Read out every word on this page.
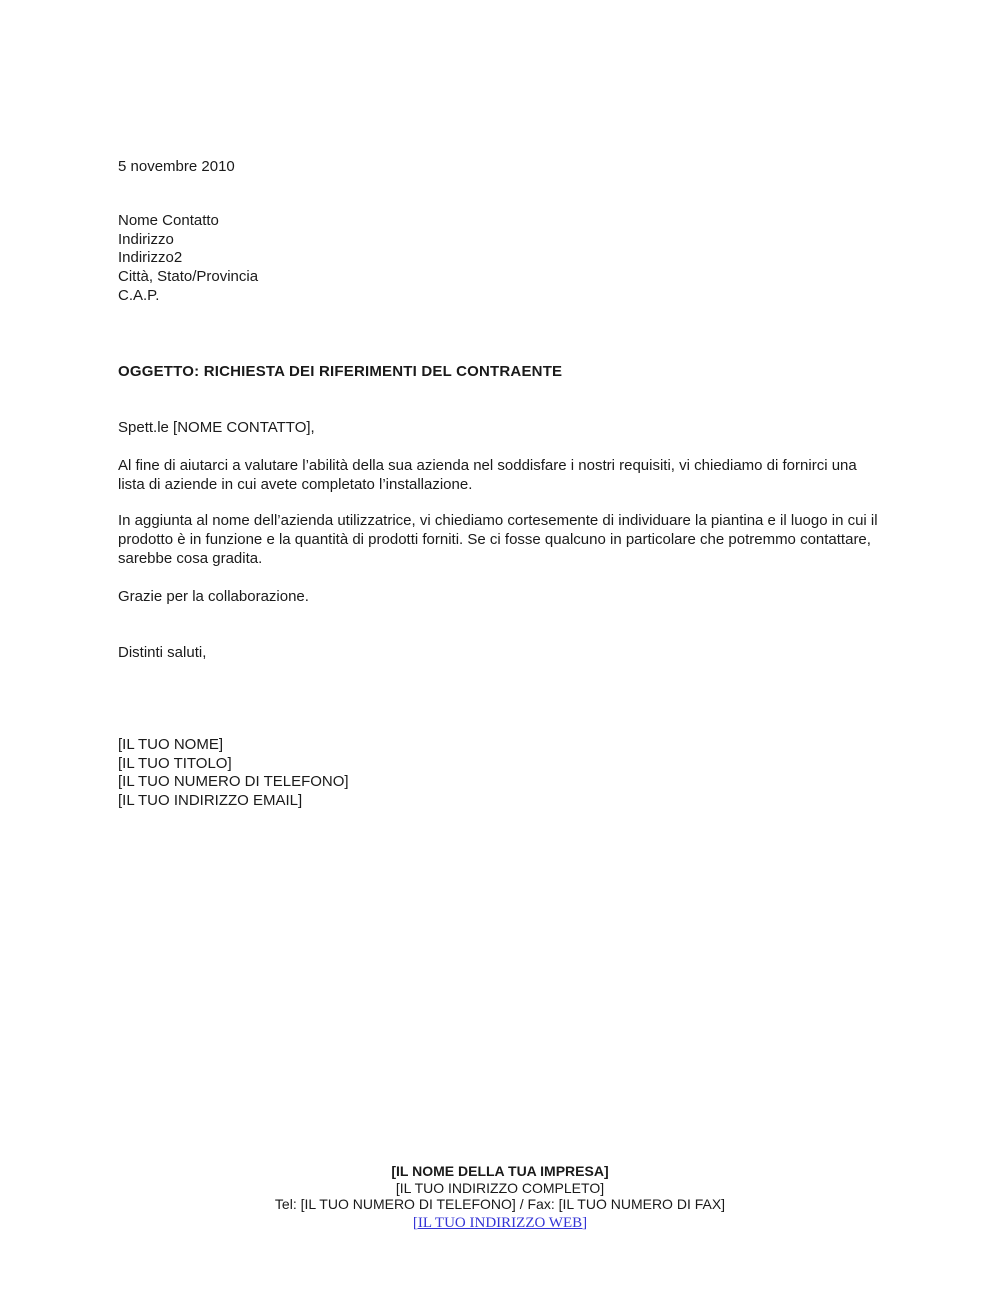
5 novembre 2010
Nome Contatto
Indirizzo
Indirizzo2
Città, Stato/Provincia
C.A.P.
OGGETTO: RICHIESTA DEI RIFERIMENTI DEL CONTRAENTE
Spett.le [NOME CONTATTO],
Al fine di aiutarci a valutare l’abilità della sua azienda nel soddisfare i nostri requisiti, vi chiediamo di fornirci una lista di aziende in cui avete completato l’installazione.
In aggiunta al nome dell’azienda utilizzatrice, vi chiediamo cortesemente di individuare la piantina e il luogo in cui il prodotto è in funzione e la quantità di prodotti forniti. Se ci fosse qualcuno in particolare che potremmo contattare, sarebbe cosa gradita.
Grazie per la collaborazione.
Distinti saluti,
[IL TUO NOME]
[IL TUO TITOLO]
[IL TUO NUMERO DI TELEFONO]
[IL TUO INDIRIZZO EMAIL]
[IL NOME DELLA TUA IMPRESA]
[IL TUO INDIRIZZO COMPLETO]
Tel: [IL TUO NUMERO DI TELEFONO] / Fax: [IL TUO NUMERO DI FAX]
[IL TUO INDIRIZZO WEB]
